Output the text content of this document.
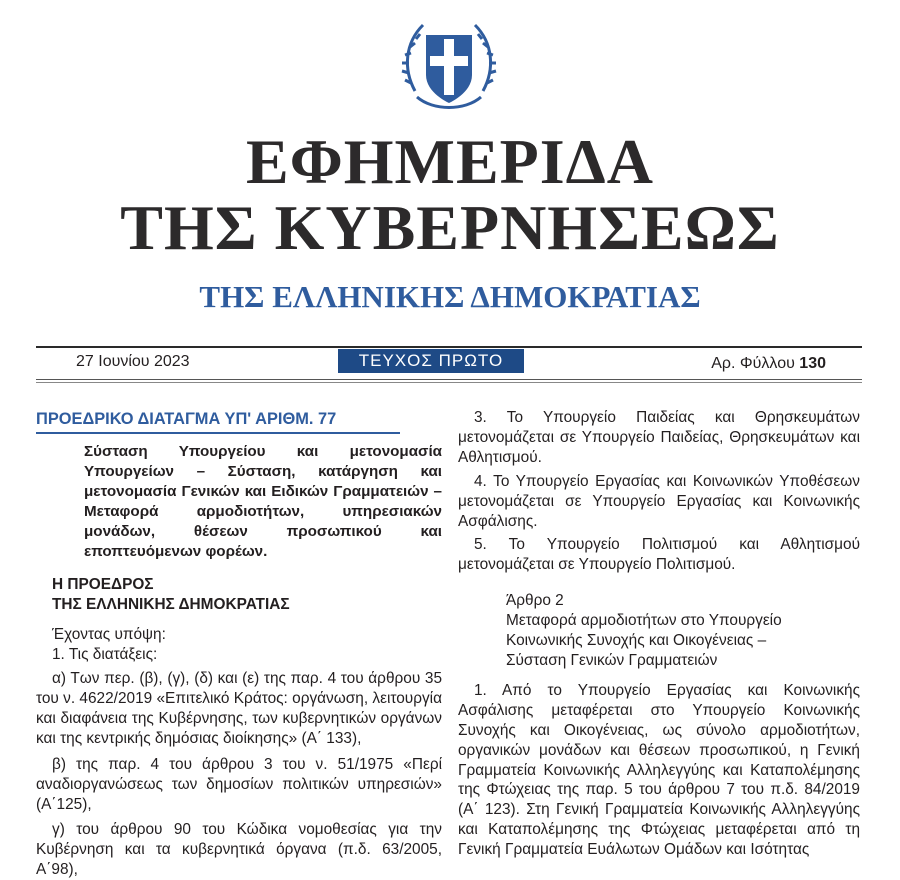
ΕΦΗΜΕΡΙΔΑ
ΤΗΣ ΚΥΒΕΡΝΗΣΕΩΣ
ΤΗΣ ΕΛΛΗΝΙΚΗΣ ΔΗΜΟΚΡΑΤΙΑΣ
27 Ιουνίου 2023	ΤΕΥΧΟΣ ΠΡΩΤΟ	Αρ. Φύλλου 130

ΠΡΟΕΔΡΙΚΟ ΔΙΑΤΑΓΜΑ ΥΠ' ΑΡΙΘΜ. 77

Σύσταση Υπουργείου και μετονομασία Υπουργείων – Σύσταση, κατάργηση και μετονομασία Γενικών και Ειδικών Γραμματειών – Μεταφορά αρμοδιοτήτων, υπηρεσιακών μονάδων, θέσεων προσωπικού και εποπτευόμενων φορέων.

Η ΠΡΟΕΔΡΟΣ

ΤΗΣ ΕΛΛΗΝΙΚΗΣ ΔΗΜΟΚΡΑΤΙΑΣ

Έχοντας υπόψη:

1. Τις διατάξεις:

α) Των περ. (β), (γ), (δ) και (ε) της παρ. 4 του άρθρου 35 του ν. 4622/2019 «Επιτελικό Κράτος: οργάνωση, λειτουργία και διαφάνεια της Κυβέρνησης, των κυβερνητικών οργάνων και της κεντρικής δημόσιας διοίκησης» (Α΄ 133),

β) της παρ. 4 του άρθρου 3 του ν. 51/1975 «Περί αναδιοργανώσεως των δημοσίων πολιτικών υπηρεσιών» (Α΄125),

γ) του άρθρου 90 του Κώδικα νομοθεσίας για την Κυβέρνηση και τα κυβερνητικά όργανα (π.δ. 63/2005, Α΄98),

3. Το Υπουργείο Παιδείας και Θρησκευμάτων μετονομάζεται σε Υπουργείο Παιδείας, Θρησκευμάτων και Αθλητισμού.

4. Το Υπουργείο Εργασίας και Κοινωνικών Υποθέσεων μετονομάζεται σε Υπουργείο Εργασίας και Κοινωνικής Ασφάλισης.

5. Το Υπουργείο Πολιτισμού και Αθλητισμού μετονομάζεται σε Υπουργείο Πολιτισμού.

Άρθρο 2

Μεταφορά αρμοδιοτήτων στο Υπουργείο

Κοινωνικής Συνοχής και Οικογένειας –

Σύσταση Γενικών Γραμματειών

1. Από το Υπουργείο Εργασίας και Κοινωνικής Ασφάλισης μεταφέρεται στο Υπουργείο Κοινωνικής Συνοχής και Οικογένειας, ως σύνολο αρμοδιοτήτων, οργανικών μονάδων και θέσεων προσωπικού, η Γενική Γραμματεία Κοινωνικής Αλληλεγγύης και Καταπολέμησης της Φτώχειας της παρ. 5 του άρθρου 7 του π.δ. 84/2019 (Α΄ 123). Στη Γενική Γραμματεία Κοινωνικής Αλληλεγγύης και Καταπολέμησης της Φτώχειας μεταφέρεται από τη Γενική Γραμματεία Ευάλωτων Ομάδων και Ισότητας
